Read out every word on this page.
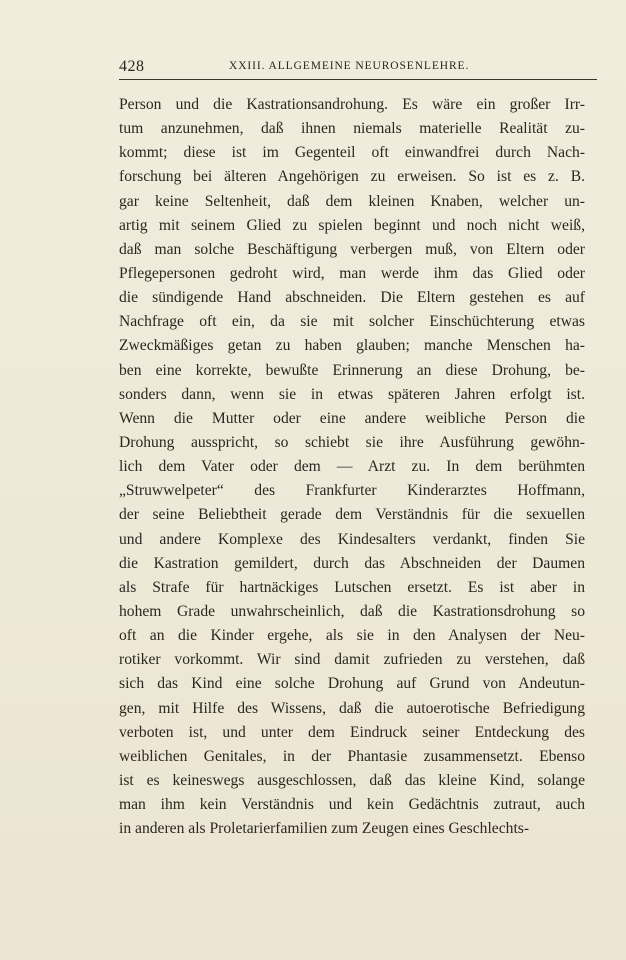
428	XXIII. ALLGEMEINE NEUROSENLEHRE.
Person und die Kastrationsandrohung. Es wäre ein großer Irr-
tum anzunehmen, daß ihnen niemals materielle Realität zu-
kommt; diese ist im Gegenteil oft einwandfrei durch Nach-
forschung bei älteren Angehörigen zu erweisen. So ist es z. B.
gar keine Seltenheit, daß dem kleinen Knaben, welcher un-
artig mit seinem Glied zu spielen beginnt und noch nicht weiß,
daß man solche Beschäftigung verbergen muß, von Eltern oder
Pflegepersonen gedroht wird, man werde ihm das Glied oder
die sündigende Hand abschneiden. Die Eltern gestehen es auf
Nachfrage oft ein, da sie mit solcher Einschüchterung etwas
Zweckmäßiges getan zu haben glauben; manche Menschen ha-
ben eine korrekte, bewußte Erinnerung an diese Drohung, be-
sonders dann, wenn sie in etwas späteren Jahren erfolgt ist.
Wenn die Mutter oder eine andere weibliche Person die
Drohung ausspricht, so schiebt sie ihre Ausführung gewöhn-
lich dem Vater oder dem — Arzt zu. In dem berühmten
„Struwwelpeter“ des Frankfurter Kinderarztes Hoffmann,
der seine Beliebtheit gerade dem Verständnis für die sexuellen
und andere Komplexe des Kindesalters verdankt, finden Sie
die Kastration gemildert, durch das Abschneiden der Daumen
als Strafe für hartnäckiges Lutschen ersetzt. Es ist aber in
hohem Grade unwahrscheinlich, daß die Kastrationsdrohung so
oft an die Kinder ergehe, als sie in den Analysen der Neu-
rotiker vorkommt. Wir sind damit zufrieden zu verstehen, daß
sich das Kind eine solche Drohung auf Grund von Andeutun-
gen, mit Hilfe des Wissens, daß die autoerotische Befriedigung
verboten ist, und unter dem Eindruck seiner Entdeckung des
weiblichen Genitales, in der Phantasie zusammensetzt. Ebenso
ist es keineswegs ausgeschlossen, daß das kleine Kind, solange
man ihm kein Verständnis und kein Gedächtnis zutraut, auch
in anderen als Proletarierfamilien zum Zeugen eines Geschlechts-
